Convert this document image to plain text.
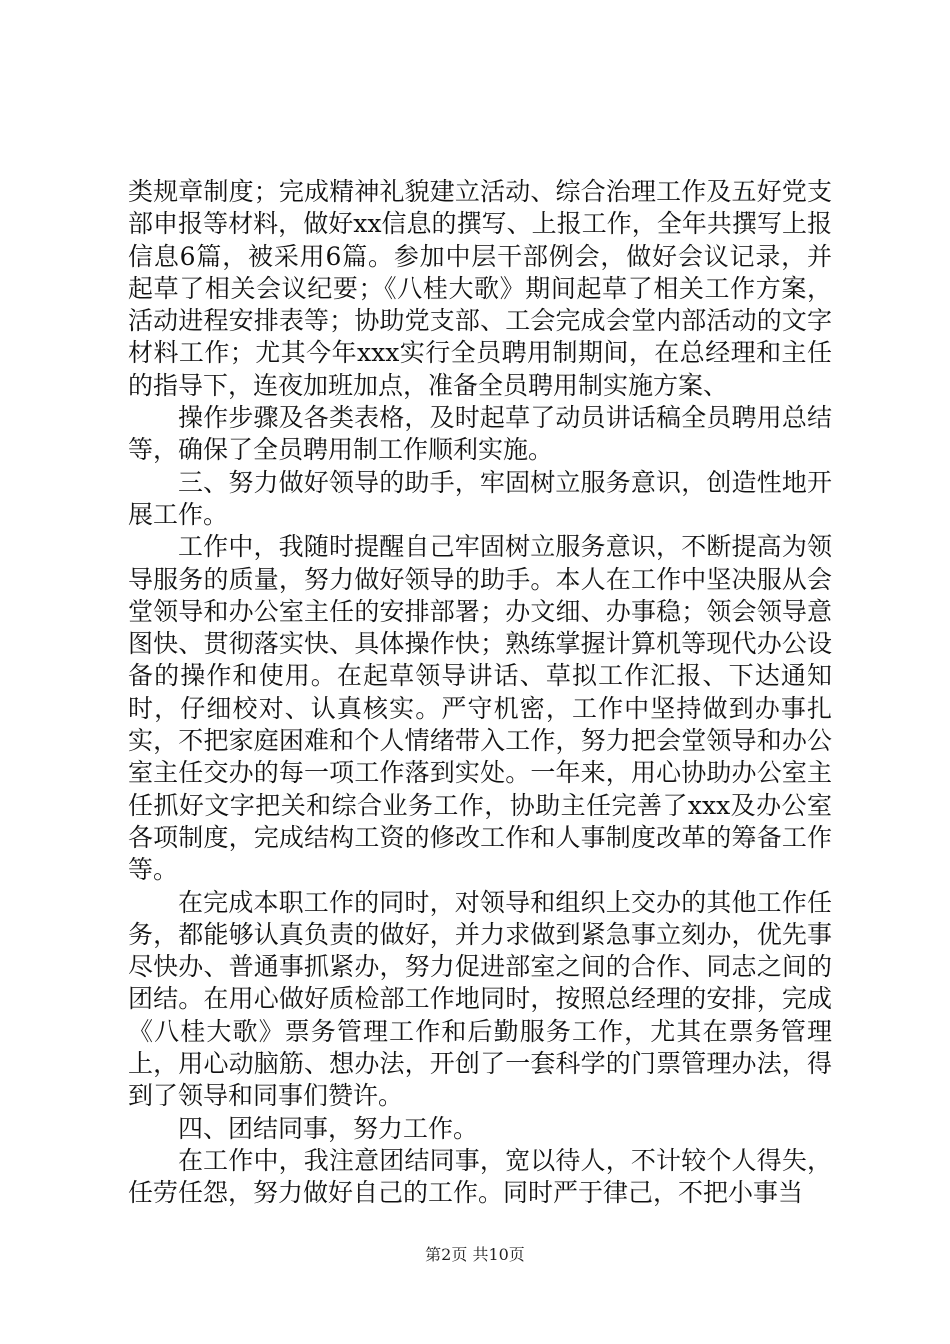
类规章制度；完成精神礼貌建立活动、综合治理工作及五好党支部申报等材料，做好xx信息的撰写、上报工作，全年共撰写上报信息6篇，被采用6篇。参加中层干部例会，做好会议记录，并起草了相关会议纪要；《八桂大歌》期间起草了相关工作方案，活动进程安排表等；协助党支部、工会完成会堂内部活动的文字材料工作；尤其今年xxx实行全员聘用制期间，在总经理和主任的指导下，连夜加班加点，准备全员聘用制实施方案、

操作步骤及各类表格，及时起草了动员讲话稿全员聘用总结等，确保了全员聘用制工作顺利实施。

三、努力做好领导的助手，牢固树立服务意识，创造性地开展工作。

工作中，我随时提醒自己牢固树立服务意识，不断提高为领导服务的质量，努力做好领导的助手。本人在工作中坚决服从会堂领导和办公室主任的安排部署；办文细、办事稳；领会领导意图快、贯彻落实快、具体操作快；熟练掌握计算机等现代办公设备的操作和使用。在起草领导讲话、草拟工作汇报、下达通知时，仔细校对、认真核实。严守机密，工作中坚持做到办事扎实，不把家庭困难和个人情绪带入工作，努力把会堂领导和办公室主任交办的每一项工作落到实处。一年来，用心协助办公室主任抓好文字把关和综合业务工作，协助主任完善了xxx及办公室各项制度，完成结构工资的修改工作和人事制度改革的筹备工作等。

在完成本职工作的同时，对领导和组织上交办的其他工作任务，都能够认真负责的做好，并力求做到紧急事立刻办，优先事尽快办、普通事抓紧办，努力促进部室之间的合作、同志之间的团结。在用心做好质检部工作地同时，按照总经理的安排，完成《八桂大歌》票务管理工作和后勤服务工作，尤其在票务管理上，用心动脑筋、想办法，开创了一套科学的门票管理办法，得到了领导和同事们赞许。

四、团结同事，努力工作。

在工作中，我注意团结同事，宽以待人，不计较个人得失，任劳任怨，努力做好自己的工作。同时严于律己，不把小事当

第2页 共10页
